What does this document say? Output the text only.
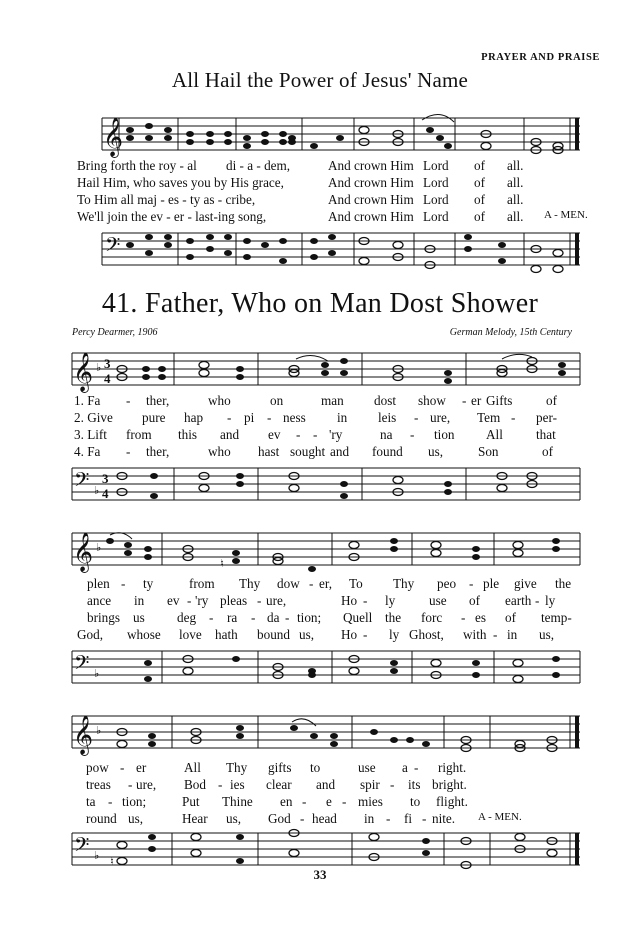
PRAYER AND PRAISE
All Hail the Power of Jesus' Name
𝄞
Bring forth the roy - al di - a - dem,	And crown Him Lord of all.
Hail Him, who saves you by His grace,	And crown Him Lord of all.
To Him all maj - es - ty as - cribe,	And crown Him Lord of all.
We'll join the ev - er - last-ing song,	And crown Him Lord of all. A - MEN.
𝄢
41. Father, Who on Man Dost Shower
Percy Dearmer, 1906	German Melody, 15th Century
𝄞 ♭ 3
4
1. Fa - ther,	who	on	man dost show - er Gifts	of
2. Give pure hap - pi - ness in leis - ure, Tem - per-
3. Lift from this and ev - - 'ry	na - tion All	that
4. Fa - ther,	who hast sought and found us,	Son	of
𝄢 ♭
3
4
𝄞 ♭
♮
plen - ty	from Thy dow - er, To Thy peo - ple give the
ance in ev - 'ry pleas - ure,	Ho - ly	use of earth - ly
brings us deg - ra - da - tion; Quell the forc - es of temp-
God, whose love hath bound us, Ho - ly Ghost, with - in us,
𝄢 ♭
𝄞 ♭
pow - er	All Thy gifts to	use a - right.
treas - ure, Bod - ies clear and spir - its bright.
ta - tion;	Put Thine en - e - mies to flight.
round us,	Hear us, God - head in - fi - nite. A - MEN.
𝄢 ♭ ♮
33
